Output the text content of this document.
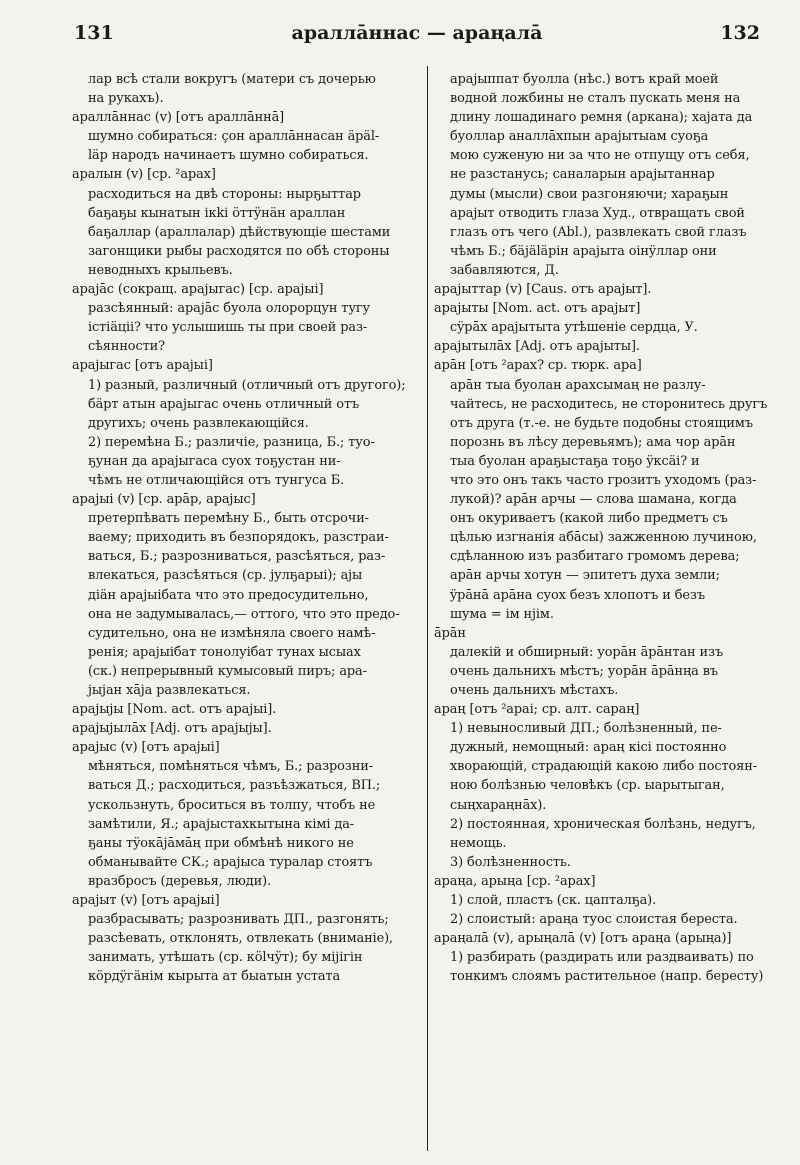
131	араллāннас — араңалā	132

лар всѣ стали вокругъ (матери съ дочерью

на рукахъ).

араллāннас (v) [отъ араллāннā]

шумно собираться: ҫон араллāннасан äрäl-

läр народъ начинаетъ шумно собираться.

аралын (v) [ср. ²арах]

расходиться на двѣ стороны: нырҕыттар

баҕаҕы кынатын ікki öттÿнäн араллан

баҕаллар (араллалар) дѣйствующіе шестами

загонщики рыбы расходятся по обѣ стороны

неводныхъ крыльевъ.

араjāс (сокращ. араjыгас) [ср. араjыі]

разсѣянный: араjāс буола олорорцун тугу

істіäцii? что услышишь ты при своей раз-

сѣянности?

араjыгас [отъ араjыі]

1) разный, различный (отличный отъ другого);

бäрт атын араjыгас очень отличный отъ

другихъ; очень развлекающійся.

2) перемѣна Б.; различіе, разница, Б.; туо-

ҕунан да араjыгаса суох тоҕустан ни-

чѣмъ не отличающійся отъ тунгуса Б.

араjыі (v) [ср. арāр, араjыс]

претерпѣвать перемѣну Б., быть отсрочи-

ваему; приходить въ безпорядокъ, разстраи-

ваться, Б.; разрозниваться, разсѣяться, раз-

влекаться, разсѣяться (ср. jулҕарыі); аjы

діäн араjыібата что это предосудительно,

она не задумывалась,— оттого, что это предо-

судительно, она не измѣняла своего намѣ-

ренія; араjыібат тонолуібат тунах ысыах

(ск.) непрерывный кумысовый пиръ; ара-

jыjан хājа развлекаться.

араjыjы [Nom. act. отъ араjыі].

араjыjылāх [Adj. отъ араjыjы].

араjыс (v) [отъ араjыі]

мѣняться, помѣняться чѣмъ, Б.; разрозни-

ваться Д.; расходиться, разъѣзжаться, ВП.;

ускользнуть, броситься въ толпу, чтобъ не

замѣтили, Я.; араjыстахкытына кімі да-

ҕаны тÿокājāмāң при обмѣнѣ никого не

обманывайте СК.; араjыса туралар стоятъ

вразбросъ (деревья, люди).

араjыт (v) [отъ араjыі]

разбрасывать; разрознивать ДП., разгонять;

разсѣевать, отклонять, отвлекать (вниманіе),

занимать, утѣшать (ср. кölчÿт); бу мijігін

кöрдÿгäнім кырыта ат быатын устата

араjыппат буолла (нѣс.) вотъ край моей

водной ложбины не сталъ пускать меня на

длину лошадинаго ремня (аркана); хаjата да

буоллар аналлāхпын араjытыам суоҕа

мою суженую ни за что не отпущу отъ себя,

не разстанусь; саналарын араjытаннар

думы (мысли) свои разгоняючи; хараҕын

араjыт отводить глаза Худ., отвращать свой

глазъ отъ чего (Abl.), развлекать свой глазъ

чѣмъ Б.; бäjäläрін араjыта оінÿллар они

забавляются, Д.

араjыттар (v) [Caus. отъ араjыт].

араjыты [Nom. act. отъ араjыт]

сÿрāх араjытыта утѣшеніе сердца, У.

араjытылāх [Adj. отъ араjыты].

арāн [отъ ²арах? ср. тюрк. ара]

арāн тыа буолан арахсымаң не разлу-

чайтесь, не расходитесь, не сторонитесь другъ

отъ друга (т.-е. не будьте подобны стоящимъ

порознь въ лѣсу деревьямъ); ама чор арāн

тыа буолан араҕыстаҕа тоҕо ÿксäі? и

что это онъ такъ часто грозитъ уходомъ (раз-

лукой)? арāн арчы — слова шамана, когда

онъ окуриваетъ (какой либо предметъ съ

цѣлью изгнанія абāсы) зажженною лучиною,

сдѣланною изъ разбитаго громомъ дерева;

арāн арчы хотун — эпитетъ духа земли;

ÿрāнā арāна суох безъ хлопотъ и безъ

шума = ім нjім.

āрāн

далекій и обширный: уорāн āрāнтан изъ

очень дальнихъ мѣстъ; уорāн āрāнңа въ

очень дальнихъ мѣстахъ.

араң [отъ ²араі; ср. алт. сараң]

1) невыносливый ДП.; болѣзненный, пе-

дужный, немощный: араң кісі постоянно

хворающій, страдающій какою либо постоян-

ною болѣзнью человѣкъ (ср. ыарытыган,

сыңхараңнāх).

2) постоянная, хроническая болѣзнь, недугъ,

немощь.

3) болѣзненность.

араңа, арыңа [ср. ²арах]

1) слой, пластъ (ск. цапталҕа).

2) слоистый: араңа туос слоистая береста.

араңалā (v), арыңалā (v) [отъ араңа (арыңа)]

1) разбирать (раздирать или раздваивать) по

тонкимъ слоямъ растительное (напр. бересту)
